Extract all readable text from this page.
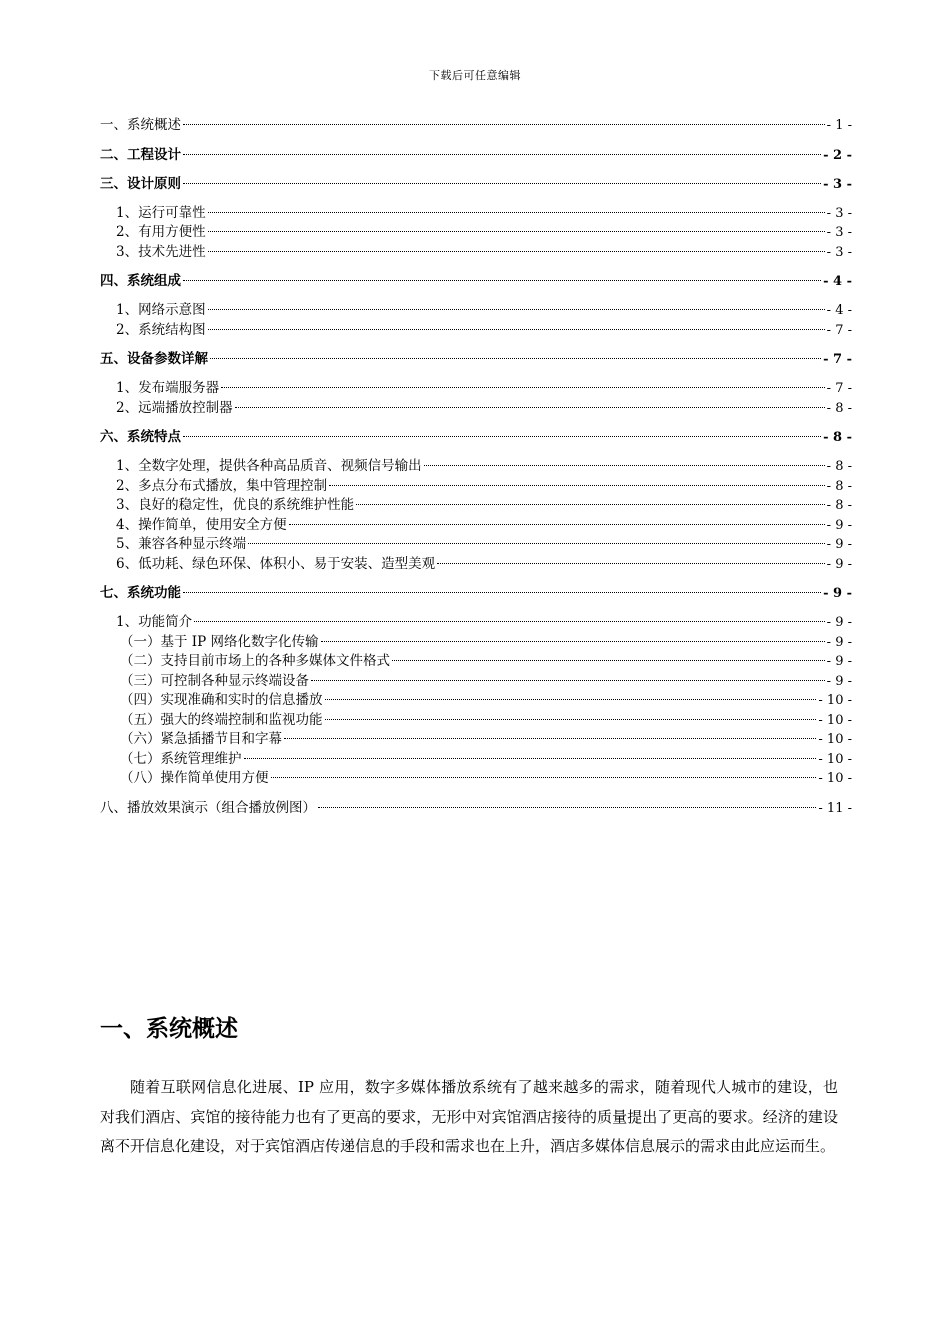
下载后可任意编辑
一、系统概述	- 1 -
二、工程设计	- 2 -
三、设计原则	- 3 -
1、运行可靠性	- 3 -
2、有用方便性	- 3 -
3、技术先进性	- 3 -
四、系统组成	- 4 -
1、网络示意图	- 4 -
2、系统结构图	- 7 -
五、设备参数详解	- 7 -
1、发布端服务器	- 7 -
2、远端播放控制器	- 8 -
六、系统特点	- 8 -
1、全数字处理，提供各种高品质音、视频信号输出	- 8 -
2、多点分布式播放，集中管理控制	- 8 -
3、良好的稳定性，优良的系统维护性能	- 8 -
4、操作简单，使用安全方便	- 9 -
5、兼容各种显示终端	- 9 -
6、低功耗、绿色环保、体积小、易于安装、造型美观	- 9 -
七、系统功能	- 9 -
1、功能简介	- 9 -
（一）基于 IP 网络化数字化传输	- 9 -
（二）支持目前市场上的各种多媒体文件格式	- 9 -
（三）可控制各种显示终端设备	- 9 -
（四）实现准确和实时的信息播放	- 10 -
（五）强大的终端控制和监视功能	- 10 -
（六）紧急插播节目和字幕	- 10 -
（七）系统管理维护	- 10 -
（八）操作简单使用方便	- 10 -
八、播放效果演示（组合播放例图）	- 11 -
一、系统概述
随着互联网信息化进展、IP 应用，数字多媒体播放系统有了越来越多的需求，随着现代人城市的建设，也对我们酒店、宾馆的接待能力也有了更高的要求，无形中对宾馆酒店接待的质量提出了更高的要求。经济的建设离不开信息化建设，对于宾馆酒店传递信息的手段和需求也在上升，酒店多媒体信息展示的需求由此应运而生。
